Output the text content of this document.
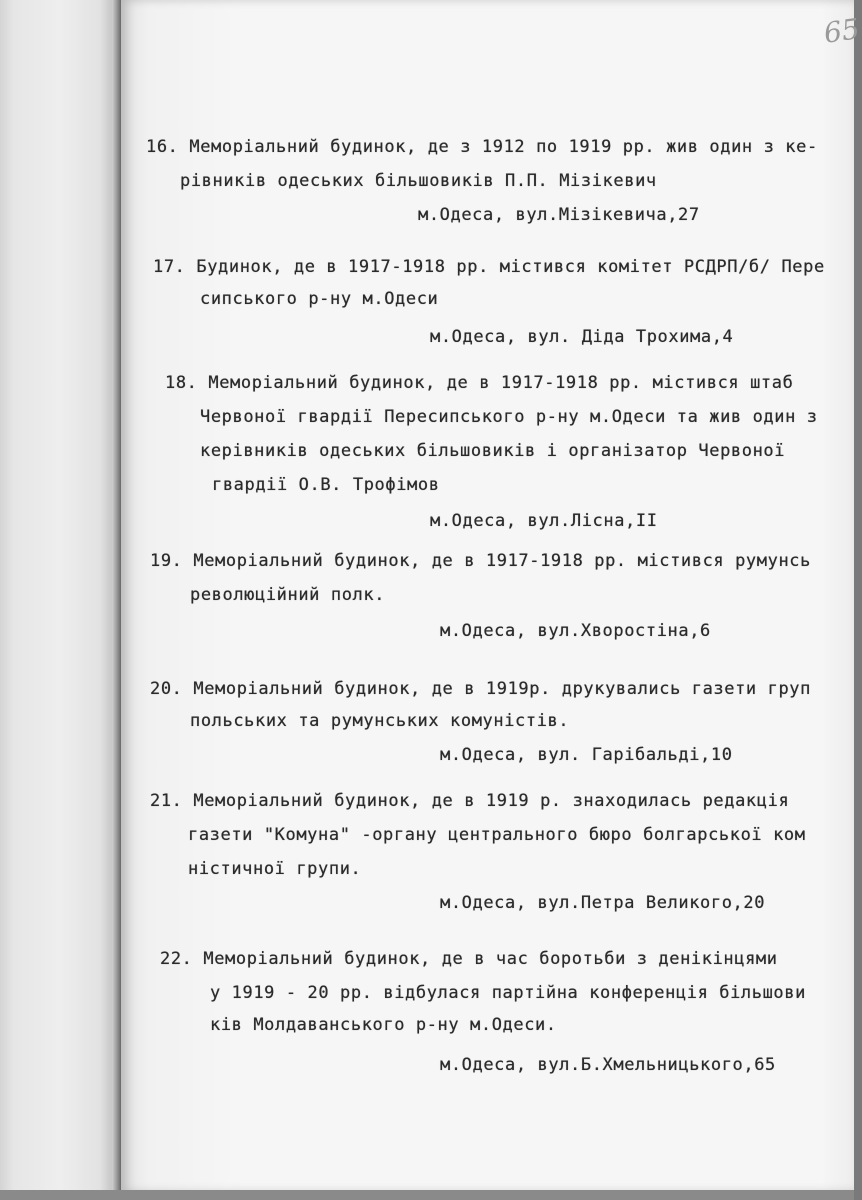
65
16. Меморіальний будинок, де з 1912 по 1919 рр. жив один з ке-
рівників одеських більшовиків П.П. Мізікевич
м.Одеса, вул.Мізікевича,27
17. Будинок, де в 1917-1918 рр. містився комітет РСДРП/б/ Пере
сипського р-ну м.Одеси
м.Одеса, вул. Діда Трохима,4
18. Меморіальний будинок, де в 1917-1918 рр. містився штаб
Червоної гвардії Пересипського р-ну м.Одеси та жив один з
керівників одеських більшовиків і організатор Червоної
гвардії О.В. Трофімов
м.Одеса, вул.Лісна,II
19. Меморіальний будинок, де в 1917-1918 рр. містився румунсь
революційний полк.
м.Одеса, вул.Хворостіна,6
20. Меморіальний будинок, де в 1919р. друкувались газети груп
польських та румунських комуністів.
м.Одеса, вул. Гарібальді,10
21. Меморіальний будинок, де в 1919 р. знаходилась редакція
газети "Комуна" -органу центрального бюро болгарської ком
ністичної групи.
м.Одеса, вул.Петра Великого,20
22. Меморіальний будинок, де в час боротьби з денікінцями
у 1919 - 20 рр. відбулася партійна конференція більшови
ків Молдаванського р-ну м.Одеси.
м.Одеса, вул.Б.Хмельницького,65
